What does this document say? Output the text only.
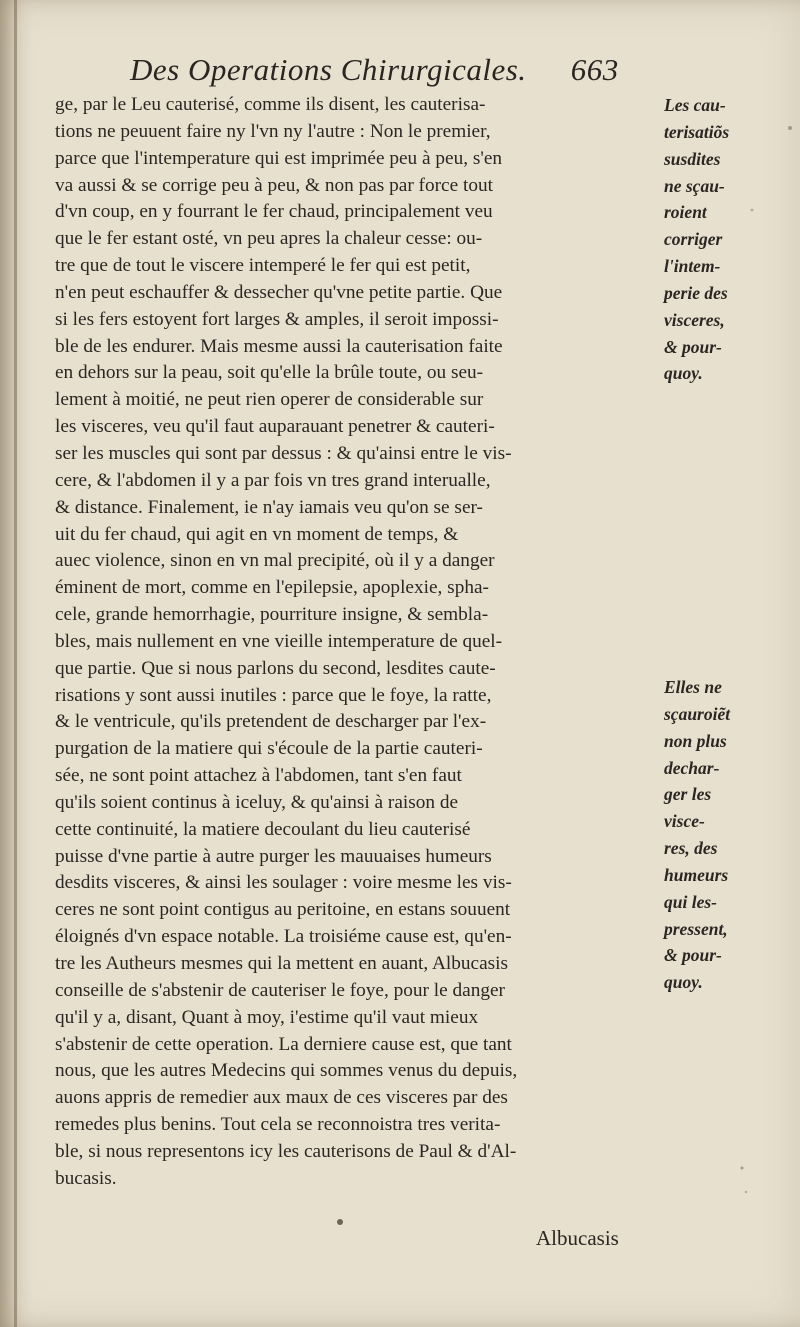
Des Operations Chirurgicales. 663
ge, par le Leu cauterisé, comme ils disent, les cauterisa-
tions ne peuuent faire ny l'vn ny l'autre : Non le premier,
parce que l'intemperature qui est imprimée peu à peu, s'en
va aussi & se corrige peu à peu, & non pas par force tout
d'vn coup, en y fourrant le fer chaud, principalement veu
que le fer estant osté, vn peu apres la chaleur cesse: ou-
tre que de tout le viscere intemperé le fer qui est petit,
n'en peut eschauffer & dessecher qu'vne petite partie. Que
si les fers estoyent fort larges & amples, il seroit impossi-
ble de les endurer. Mais mesme aussi la cauterisation faite
en dehors sur la peau, soit qu'elle la brûle toute, ou seu-
lement à moitié, ne peut rien operer de considerable sur
les visceres, veu qu'il faut auparauant penetrer & cauteri-
ser les muscles qui sont par dessus : & qu'ainsi entre le vis-
cere, & l'abdomen il y a par fois vn tres grand interualle,
& distance. Finalement, ie n'ay iamais veu qu'on se ser-
uit du fer chaud, qui agit en vn moment de temps, &
auec violence, sinon en vn mal precipité, où il y a danger
éminent de mort, comme en l'epilepsie, apoplexie, spha-
cele, grande hemorrhagie, pourriture insigne, & sembla-
bles, mais nullement en vne vieille intemperature de quel-
que partie. Que si nous parlons du second, lesdites caute-
risations y sont aussi inutiles : parce que le foye, la ratte,
& le ventricule, qu'ils pretendent de descharger par l'ex-
purgation de la matiere qui s'écoule de la partie cauteri-
sée, ne sont point attachez à l'abdomen, tant s'en faut
qu'ils soient continus à iceluy, & qu'ainsi à raison de
cette continuité, la matiere decoulant du lieu cauterisé
puisse d'vne partie à autre purger les mauuaises humeurs
desdits visceres, & ainsi les soulager : voire mesme les vis-
ceres ne sont point contigus au peritoine, en estans souuent
éloignés d'vn espace notable. La troisiéme cause est, qu'en-
tre les Autheurs mesmes qui la mettent en auant, Albucasis
conseille de s'abstenir de cauteriser le foye, pour le danger
qu'il y a, disant, Quant à moy, i'estime qu'il vaut mieux
s'abstenir de cette operation. La derniere cause est, que tant
nous, que les autres Medecins qui sommes venus du depuis,
auons appris de remedier aux maux de ces visceres par des
remedes plus benins. Tout cela se reconnoistra tres verita-
ble, si nous representons icy les cauterisons de Paul & d'Al-
bucasis.
Les cau-
terisatiõs
susdites
ne sçau-
roient
corriger
l'intem-
perie des
visceres,
& pour-
quoy.
Elles ne
sçauroiẽt
non plus
dechar-
ger les
visce-
res, des
humeurs
qui les-
pressent,
& pour-
quoy.
Albucasis
